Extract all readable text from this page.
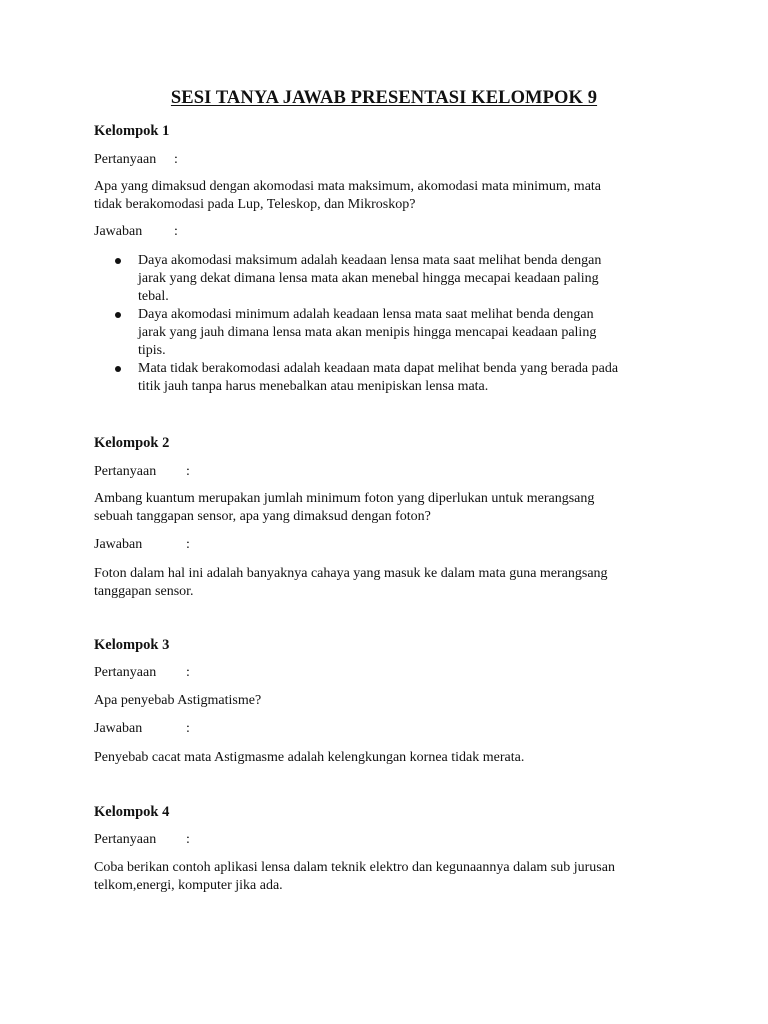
SESI TANYA JAWAB PRESENTASI KELOMPOK 9

Kelompok 1

Pertanyaan :

Apa yang dimaksud dengan akomodasi mata maksimum, akomodasi mata minimum, mata
tidak berakomodasi pada Lup, Teleskop, dan Mikroskop?

Jawaban :

Daya akomodasi maksimum adalah keadaan lensa mata saat melihat benda dengan
jarak yang dekat dimana lensa mata akan menebal hingga mecapai keadaan paling
tebal.
Daya akomodasi minimum adalah keadaan lensa mata saat melihat benda dengan
jarak yang jauh dimana lensa mata akan menipis hingga mencapai keadaan paling
tipis.
Mata tidak berakomodasi adalah keadaan mata dapat melihat benda yang berada pada
titik jauh tanpa harus menebalkan atau menipiskan lensa mata.

Kelompok 2

Pertanyaan :

Ambang kuantum merupakan jumlah minimum foton yang diperlukan untuk merangsang
sebuah tanggapan sensor, apa yang dimaksud dengan foton?

Jawaban	:

Foton dalam hal ini adalah banyaknya cahaya yang masuk ke dalam mata guna merangsang
tanggapan sensor.

Kelompok 3

Pertanyaan :

Apa penyebab Astigmatisme?

Jawaban	:

Penyebab cacat mata Astigmasme adalah kelengkungan kornea tidak merata.

Kelompok 4

Pertanyaan :

Coba berikan contoh aplikasi lensa dalam teknik elektro dan kegunaannya dalam sub jurusan
telkom,energi, komputer jika ada.
